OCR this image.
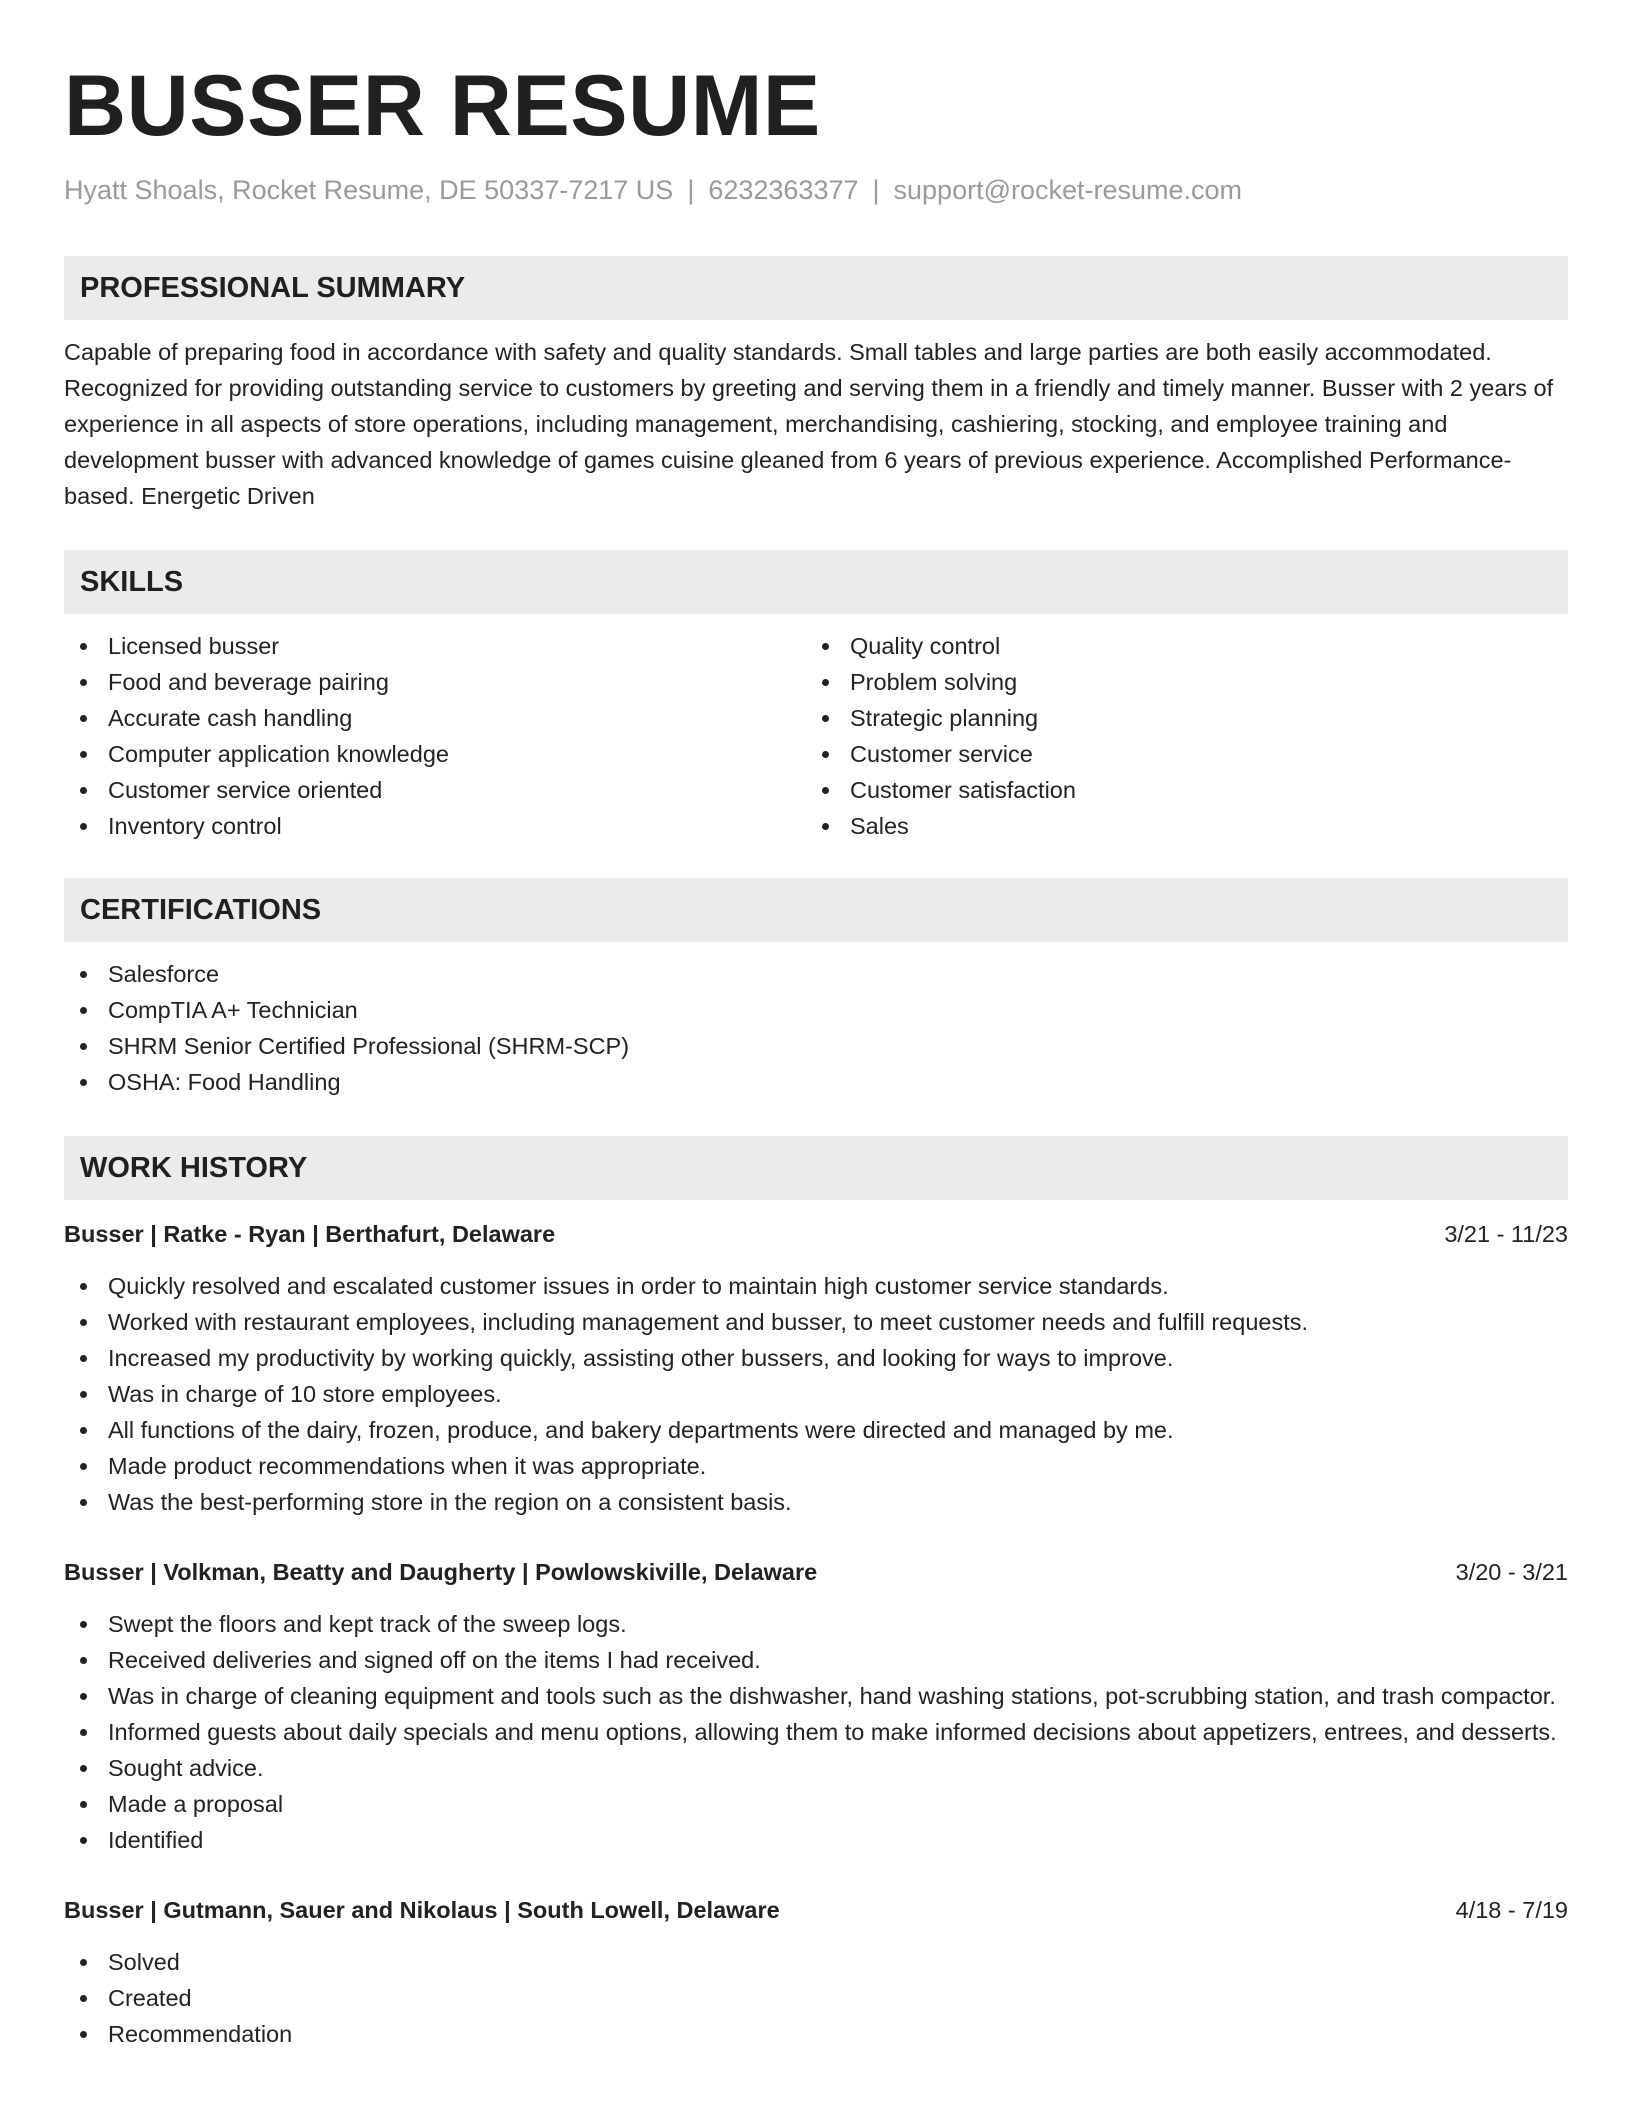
BUSSER RESUME
Hyatt Shoals, Rocket Resume, DE 50337-7217 US | 6232363377 | support@rocket-resume.com
PROFESSIONAL SUMMARY

Capable of preparing food in accordance with safety and quality standards. Small tables and large parties are both easily accommodated. Recognized for providing outstanding service to customers by greeting and serving them in a friendly and timely manner. Busser with 2 years of experience in all aspects of store operations, including management, merchandising, cashiering, stocking, and employee training and development busser with advanced knowledge of games cuisine gleaned from 6 years of previous experience. Accomplished Performance-based. Energetic Driven

SKILLS
Licensed busser
Food and beverage pairing
Accurate cash handling
Computer application knowledge
Customer service oriented
Inventory control
Quality control
Problem solving
Strategic planning
Customer service
Customer satisfaction
Sales
CERTIFICATIONS
Salesforce
CompTIA A+ Technician
SHRM Senior Certified Professional (SHRM-SCP)
OSHA: Food Handling
WORK HISTORY
Busser | Ratke - Ryan | Berthafurt, Delaware	3/21 - 11/23
Quickly resolved and escalated customer issues in order to maintain high customer service standards.
Worked with restaurant employees, including management and busser, to meet customer needs and fulfill requests.
Increased my productivity by working quickly, assisting other bussers, and looking for ways to improve.
Was in charge of 10 store employees.
All functions of the dairy, frozen, produce, and bakery departments were directed and managed by me.
Made product recommendations when it was appropriate.
Was the best-performing store in the region on a consistent basis.
Busser | Volkman, Beatty and Daugherty | Powlowskiville, Delaware	3/20 - 3/21
Swept the floors and kept track of the sweep logs.
Received deliveries and signed off on the items I had received.
Was in charge of cleaning equipment and tools such as the dishwasher, hand washing stations, pot-scrubbing station, and trash compactor.
Informed guests about daily specials and menu options, allowing them to make informed decisions about appetizers, entrees, and desserts.
Sought advice.
Made a proposal
Identified
Busser | Gutmann, Sauer and Nikolaus | South Lowell, Delaware	4/18 - 7/19
Solved
Created
Recommendation
